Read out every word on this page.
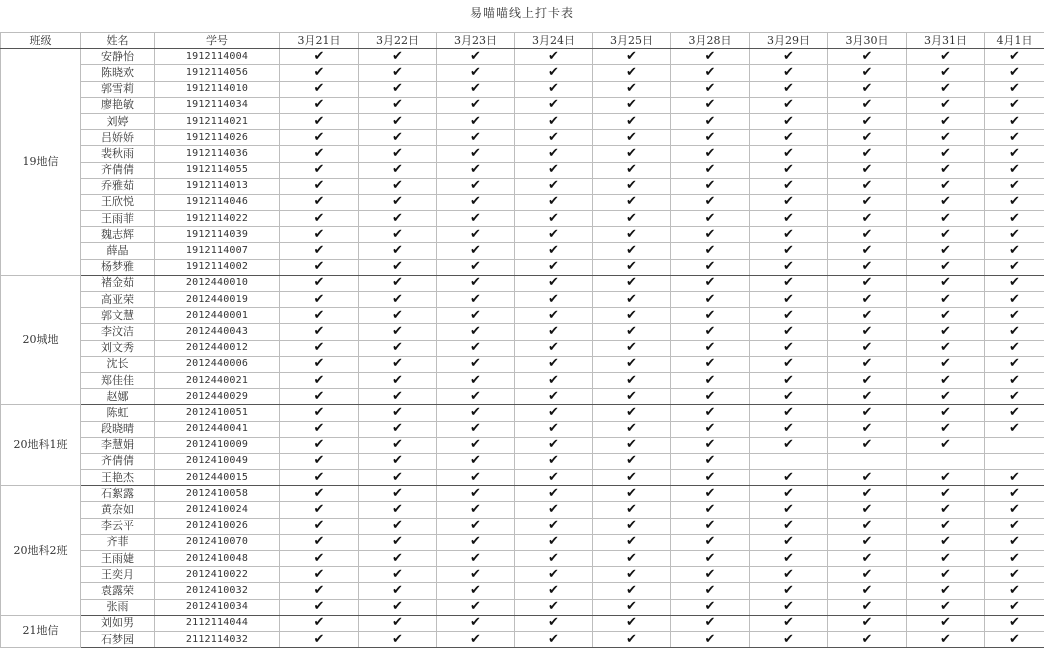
易喵喵线上打卡表
班级	姓名	学号	3月21日	3月22日	3月23日	3月24日	3月25日	3月28日	3月29日	3月30日	3月31日	4月1日	
19地信	安静怡	1912114004	✔	✔	✔	✔	✔	✔	✔	✔	✔	✔	
	陈晓欢	1912114056	✔	✔	✔	✔	✔	✔	✔	✔	✔	✔	
	郭雪莉	1912114010	✔	✔	✔	✔	✔	✔	✔	✔	✔	✔	
	廖艳敏	1912114034	✔	✔	✔	✔	✔	✔	✔	✔	✔	✔	
	刘婷	1912114021	✔	✔	✔	✔	✔	✔	✔	✔	✔	✔	
	吕娇娇	1912114026	✔	✔	✔	✔	✔	✔	✔	✔	✔	✔	
	裴秋雨	1912114036	✔	✔	✔	✔	✔	✔	✔	✔	✔	✔	
	齐倩倩	1912114055	✔	✔	✔	✔	✔	✔	✔	✔	✔	✔	
	乔雅茹	1912114013	✔	✔	✔	✔	✔	✔	✔	✔	✔	✔	
	王欣悦	1912114046	✔	✔	✔	✔	✔	✔	✔	✔	✔	✔	
	王雨菲	1912114022	✔	✔	✔	✔	✔	✔	✔	✔	✔	✔	
	魏志辉	1912114039	✔	✔	✔	✔	✔	✔	✔	✔	✔	✔	
	薛晶	1912114007	✔	✔	✔	✔	✔	✔	✔	✔	✔	✔	
	杨梦雅	1912114002	✔	✔	✔	✔	✔	✔	✔	✔	✔	✔	
20城地	褚金茹	2012440010	✔	✔	✔	✔	✔	✔	✔	✔	✔	✔	
	高亚荣	2012440019	✔	✔	✔	✔	✔	✔	✔	✔	✔	✔	
	郭文慧	2012440001	✔	✔	✔	✔	✔	✔	✔	✔	✔	✔	
	李汶洁	2012440043	✔	✔	✔	✔	✔	✔	✔	✔	✔	✔	
	刘文秀	2012440012	✔	✔	✔	✔	✔	✔	✔	✔	✔	✔	
	沈长	2012440006	✔	✔	✔	✔	✔	✔	✔	✔	✔	✔	
	郑佳佳	2012440021	✔	✔	✔	✔	✔	✔	✔	✔	✔	✔	
	赵娜	2012440029	✔	✔	✔	✔	✔	✔	✔	✔	✔	✔	
20地科1班	陈虹	2012410051	✔	✔	✔	✔	✔	✔	✔	✔	✔	✔	
	段晓晴	2012440041	✔	✔	✔	✔	✔	✔	✔	✔	✔	✔	
	李慧娟	2012410009	✔	✔	✔	✔	✔	✔	✔	✔	✔		
	齐倩倩	2012410049	✔	✔	✔	✔	✔	✔					
	王艳杰	2012440015	✔	✔	✔	✔	✔	✔	✔	✔	✔	✔	
20地科2班	石絮露	2012410058	✔	✔	✔	✔	✔	✔	✔	✔	✔	✔	
	黄奈如	2012410024	✔	✔	✔	✔	✔	✔	✔	✔	✔	✔	
	李云平	2012410026	✔	✔	✔	✔	✔	✔	✔	✔	✔	✔	
	齐菲	2012410070	✔	✔	✔	✔	✔	✔	✔	✔	✔	✔	
	王雨婕	2012410048	✔	✔	✔	✔	✔	✔	✔	✔	✔	✔	
	王奕月	2012410022	✔	✔	✔	✔	✔	✔	✔	✔	✔	✔	
	袁露荣	2012410032	✔	✔	✔	✔	✔	✔	✔	✔	✔	✔	
	张雨	2012410034	✔	✔	✔	✔	✔	✔	✔	✔	✔	✔	
21地信	刘如男	2112114044	✔	✔	✔	✔	✔	✔	✔	✔	✔	✔	
	石梦园	2112114032	✔	✔	✔	✔	✔	✔	✔	✔	✔	✔	
